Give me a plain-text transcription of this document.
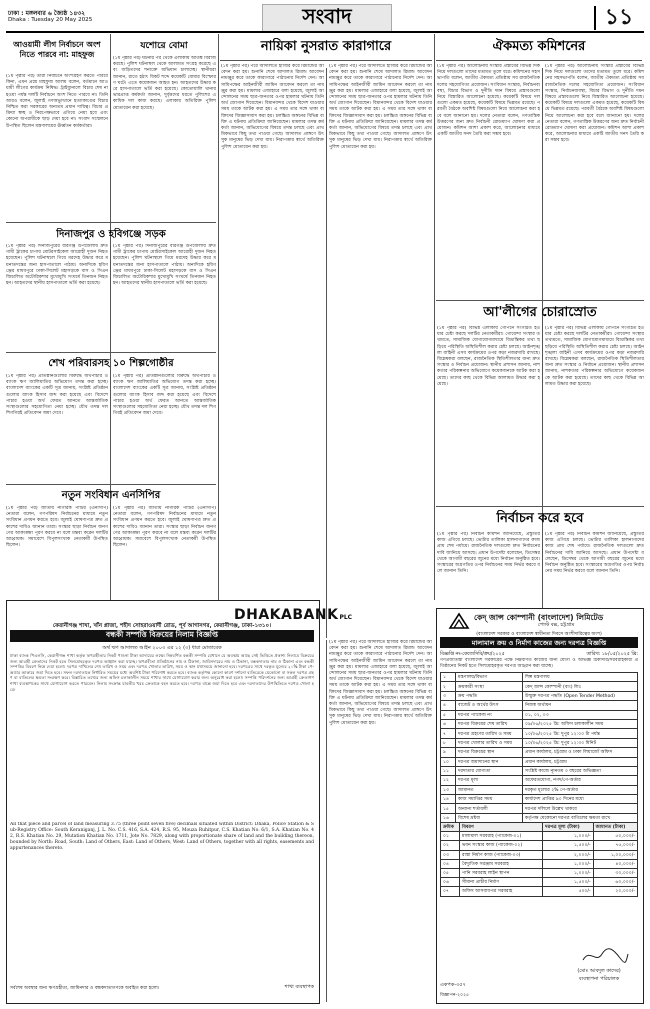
ঢাকা : মঙ্গলবার ৬ জ্যৈষ্ঠ ১৪৩২
Dhaka : Tuesday 20 May 2025	সংবাদ	১১
আওয়ামী লীগ নির্বাচনে অংশ নিতে পারবে না: মাহফুজ
(১ম পৃষ্ঠার পর) তারা নির্বাচনে অংশগ্রহণ করতে পারবে কিনা, এমন প্রশ্নে মাহফুজ আলম বলেন, বর্তমানে আওয়ামী লীগের কার্যক্রম নিষিদ্ধ। ট্রাইব্যুনালে বিচার শেষ না হওয়া পর্যন্ত দলটি নির্বাচনে অংশ নিতে পারবে না। তিনি আরও বলেন, জুলাই গণঅভ্যুত্থানে হত্যাকাণ্ডের বিচার নিশ্চিত করা সরকারের অন্যতম প্রধান দায়িত্ব। বিচার প্রক্রিয়া স্বচ্ছ ও নিরপেক্ষভাবে এগিয়ে নেয়া হবে এবং কোনো অপরাধীকে ছাড় দেয়া হবে না। সংবাদ সম্মেলনে উপস্থিত ছিলেন মন্ত্রণালয়ের ঊর্ধ্বতন কর্মকর্তারা।
যশোরে বোমা
(১ম পৃষ্ঠার পর) ঘটনার পর থেকে এলাকায় আতঙ্ক বিরাজ করছে। পুলিশ ঘটনাস্থল থেকে আলামত সংগ্রহ করেছে এবং জড়িতদের শনাক্তে অভিযান চালাচ্ছে। স্থানীয়রা জানান, রাতে হঠাৎ বিকট শব্দে কয়েকটি বোমার বিস্ফোরণ ঘটে। এতে কয়েকজন আহত হন। আহতদের উদ্ধার করে হাসপাতালে ভর্তি করা হয়েছে। কোতোয়ালি থানার ভারপ্রাপ্ত কর্মকর্তা জানান, দুর্বৃত্তদের ধরতে পুলিশের একাধিক দল কাজ করছে। এলাকায় অতিরিক্ত পুলিশ মোতায়েন করা হয়েছে।
দিনাজপুর ও হবিগঞ্জে সড়ক
(১ম পৃষ্ঠার পর) দিনাজপুরের বীরগঞ্জ উপজেলায় দ্রুতগামী ট্রাকের চাপায় মোটরসাইকেল আরোহী দুজন নিহত হয়েছেন। পুলিশ ঘটনাস্থলে গিয়ে মরদেহ উদ্ধার করে ময়নাতদন্তের জন্য হাসপাতালে পাঠায়। অন্যদিকে হবিগঞ্জের মাধবপুরে ঢাকা-সিলেট মহাসড়কে বাস ও সিএনজিচালিত অটোরিকশার মুখোমুখি সংঘর্ষে তিনজন নিহত হন। আহতদের স্থানীয় হাসপাতালে ভর্তি করা হয়েছে।
(১ম পৃষ্ঠার পর) দিনাজপুরের বীরগঞ্জ উপজেলায় দ্রুতগামী ট্রাকের চাপায় মোটরসাইকেল আরোহী দুজন নিহত হয়েছেন। পুলিশ ঘটনাস্থলে গিয়ে মরদেহ উদ্ধার করে ময়নাতদন্তের জন্য হাসপাতালে পাঠায়। অন্যদিকে হবিগঞ্জের মাধবপুরে ঢাকা-সিলেট মহাসড়কে বাস ও সিএনজিচালিত অটোরিকশার মুখোমুখি সংঘর্ষে তিনজন নিহত হন। আহতদের স্থানীয় হাসপাতালে ভর্তি করা হয়েছে।
শেখ পরিবারসহ ১০ শিল্পগোষ্ঠীর
(১ম পৃষ্ঠার পর) প্রতিষ্ঠানগুলোর বিরুদ্ধে অর্থপাচার ও ব্যাংক ঋণ জালিয়াতির অভিযোগ তদন্ত করা হচ্ছে। বাংলাদেশ ব্যাংকের একটি সূত্র জানায়, সংশ্লিষ্ট প্রতিষ্ঠানগুলোর ব্যাংক হিসাব জব্দ করা হয়েছে এবং বিদেশে পাচার হওয়া অর্থ ফেরত আনতে আন্তর্জাতিক সংস্থাগুলোর সহযোগিতা নেয়া হচ্ছে। যৌথ তদন্ত দল শিগগিরই প্রতিবেদন জমা দেবে।
(১ম পৃষ্ঠার পর) প্রতিষ্ঠানগুলোর বিরুদ্ধে অর্থপাচার ও ব্যাংক ঋণ জালিয়াতির অভিযোগ তদন্ত করা হচ্ছে। বাংলাদেশ ব্যাংকের একটি সূত্র জানায়, সংশ্লিষ্ট প্রতিষ্ঠানগুলোর ব্যাংক হিসাব জব্দ করা হয়েছে এবং বিদেশে পাচার হওয়া অর্থ ফেরত আনতে আন্তর্জাতিক সংস্থাগুলোর সহযোগিতা নেয়া হচ্ছে। যৌথ তদন্ত দল শিগগিরই প্রতিবেদন জমা দেবে।
নতুন সংবিধান এনসিপির
(১ম পৃষ্ঠার পর) জাতীয় নাগরিক পার্টির (এনসিপি) নেতারা বলেন, গণপরিষদ নির্বাচনের মাধ্যমে নতুন সংবিধান প্রণয়ন করতে হবে। জুলাই ঘোষণাপত্র দ্রুত প্রকাশের দাবিও জানান তারা। সংস্কার ছাড়া নির্বাচন জনগণের আকাঙ্ক্ষা পূরণ করবে না বলে মন্তব্য করেন দলটির আহ্বায়ক। সমাবেশে বিপুলসংখ্যক নেতাকর্মী উপস্থিত ছিলেন।
(১ম পৃষ্ঠার পর) জাতীয় নাগরিক পার্টির (এনসিপি) নেতারা বলেন, গণপরিষদ নির্বাচনের মাধ্যমে নতুন সংবিধান প্রণয়ন করতে হবে। জুলাই ঘোষণাপত্র দ্রুত প্রকাশের দাবিও জানান তারা। সংস্কার ছাড়া নির্বাচন জনগণের আকাঙ্ক্ষা পূরণ করবে না বলে মন্তব্য করেন দলটির আহ্বায়ক। সমাবেশে বিপুলসংখ্যক নেতাকর্মী উপস্থিত ছিলেন।
নায়িকা নুসরাত কারাগারে
(১ম পৃষ্ঠার পর) পরে আদালতে হাজির করে রিমান্ডের আবেদন করা হয়। শুনানি শেষে আদালত রিমান্ড আবেদন নামঞ্জুর করে তাকে কারাগারে পাঠানোর নির্দেশ দেন। আসামিপক্ষের আইনজীবী জামিন আবেদন করলে তা নামঞ্জুর করা হয়। মামলার এজাহারে বলা হয়েছে, জুলাই আন্দোলনের সময় ছাত্র-জনতার ওপর হামলার ঘটনায় তিনি অর্থ জোগান দিয়েছেন। বিমানবন্দর থেকে বিদেশ যাওয়ার সময় তাকে আটক করা হয়। এ সময় তার সঙ্গে থাকা ব্যক্তিদের জিজ্ঞাসাবাদ করা হয়। চলচ্চিত্র অঙ্গনের বিভিন্ন ব্যক্তি এ ঘটনায় প্রতিক্রিয়া জানিয়েছেন। মামলার তদন্ত কর্মকর্তা জানান, অভিযোগের বিষয়ে তদন্ত চলছে এবং প্রাথমিকভাবে কিছু তথ্য পাওয়া গেছে। আদালত প্রাঙ্গণে উৎসুক মানুষের ভিড় দেখা যায়। নিরাপত্তার স্বার্থে অতিরিক্ত পুলিশ মোতায়েন করা হয়।
(১ম পৃষ্ঠার পর) পরে আদালতে হাজির করে রিমান্ডের আবেদন করা হয়। শুনানি শেষে আদালত রিমান্ড আবেদন নামঞ্জুর করে তাকে কারাগারে পাঠানোর নির্দেশ দেন। আসামিপক্ষের আইনজীবী জামিন আবেদন করলে তা নামঞ্জুর করা হয়। মামলার এজাহারে বলা হয়েছে, জুলাই আন্দোলনের সময় ছাত্র-জনতার ওপর হামলার ঘটনায় তিনি অর্থ জোগান দিয়েছেন। বিমানবন্দর থেকে বিদেশ যাওয়ার সময় তাকে আটক করা হয়। এ সময় তার সঙ্গে থাকা ব্যক্তিদের জিজ্ঞাসাবাদ করা হয়। চলচ্চিত্র অঙ্গনের বিভিন্ন ব্যক্তি এ ঘটনায় প্রতিক্রিয়া জানিয়েছেন। মামলার তদন্ত কর্মকর্তা জানান, অভিযোগের বিষয়ে তদন্ত চলছে এবং প্রাথমিকভাবে কিছু তথ্য পাওয়া গেছে। আদালত প্রাঙ্গণে উৎসুক মানুষের ভিড় দেখা যায়। নিরাপত্তার স্বার্থে অতিরিক্ত পুলিশ মোতায়েন করা হয়।
ঐকমত্য কমিশনের
(১ম পৃষ্ঠার পর) আলোচনায় সংস্কার প্রস্তাবের বিভিন্ন দিক নিয়ে দলগুলো তাদের মতামত তুলে ধরে। কমিশনের সহসভাপতি বলেন, জাতীয় ঐকমত্য প্রতিষ্ঠায় সব রাজনৈতিক দলের সহযোগিতা প্রয়োজন। সংবিধান সংস্কার, নির্বাচনব্যবস্থা, বিচার বিভাগ ও দুর্নীতি দমন বিষয়ে প্রস্তাবগুলো নিয়ে বিস্তারিত আলোচনা হয়েছে। কয়েকটি বিষয়ে দলগুলো একমত হয়েছে, কয়েকটি বিষয়ে ভিন্নমত রয়েছে। পরবর্তী বৈঠকে অবশিষ্ট বিষয়গুলো নিয়ে আলোচনা করা হবে বলে জানানো হয়। দলের নেতারা বলেন, গণতান্ত্রিক উত্তরণের জন্য দ্রুত নির্বাচনী রোডম্যাপ ঘোষণা করা প্রয়োজন। কমিশন আশা প্রকাশ করে, আলোচনার মাধ্যমে একটি জাতীয় সনদ তৈরি করা সম্ভব হবে।
(১ম পৃষ্ঠার পর) আলোচনায় সংস্কার প্রস্তাবের বিভিন্ন দিক নিয়ে দলগুলো তাদের মতামত তুলে ধরে। কমিশনের সহসভাপতি বলেন, জাতীয় ঐকমত্য প্রতিষ্ঠায় সব রাজনৈতিক দলের সহযোগিতা প্রয়োজন। সংবিধান সংস্কার, নির্বাচনব্যবস্থা, বিচার বিভাগ ও দুর্নীতি দমন বিষয়ে প্রস্তাবগুলো নিয়ে বিস্তারিত আলোচনা হয়েছে। কয়েকটি বিষয়ে দলগুলো একমত হয়েছে, কয়েকটি বিষয়ে ভিন্নমত রয়েছে। পরবর্তী বৈঠকে অবশিষ্ট বিষয়গুলো নিয়ে আলোচনা করা হবে বলে জানানো হয়। দলের নেতারা বলেন, গণতান্ত্রিক উত্তরণের জন্য দ্রুত নির্বাচনী রোডম্যাপ ঘোষণা করা প্রয়োজন। কমিশন আশা প্রকাশ করে, আলোচনার মাধ্যমে একটি জাতীয় সনদ তৈরি করা সম্ভব হবে।
আ'লীগের চোরাস্রোত
(১ম পৃষ্ঠার পর) বিভিন্ন এলাকায় গোপনে সংগঠিত হওয়ার চেষ্টা করছে দলটির নেতাকর্মীরা। গোয়েন্দা সংস্থার তথ্যমতে, সামাজিক যোগাযোগমাধ্যমে বিভ্রান্তিকর তথ্য ছড়িয়ে পরিস্থিতি অস্থিতিশীল করার চেষ্টা চলছে। আইনশৃঙ্খলা বাহিনী এসব কার্যক্রমের ওপর কড়া নজরদারি রাখছে। বিশ্লেষকরা বলছেন, রাজনৈতিক স্থিতিশীলতার জন্য দ্রুত সংস্কার ও নির্বাচন প্রয়োজন। স্থানীয় প্রশাসন জানায়, নাশকতার পরিকল্পনার অভিযোগে কয়েকজনকে আটক করা হয়েছে। তাদের কাছ থেকে বিভিন্ন আলামত উদ্ধার করা হয়েছে।
(১ম পৃষ্ঠার পর) বিভিন্ন এলাকায় গোপনে সংগঠিত হওয়ার চেষ্টা করছে দলটির নেতাকর্মীরা। গোয়েন্দা সংস্থার তথ্যমতে, সামাজিক যোগাযোগমাধ্যমে বিভ্রান্তিকর তথ্য ছড়িয়ে পরিস্থিতি অস্থিতিশীল করার চেষ্টা চলছে। আইনশৃঙ্খলা বাহিনী এসব কার্যক্রমের ওপর কড়া নজরদারি রাখছে। বিশ্লেষকরা বলছেন, রাজনৈতিক স্থিতিশীলতার জন্য দ্রুত সংস্কার ও নির্বাচন প্রয়োজন। স্থানীয় প্রশাসন জানায়, নাশকতার পরিকল্পনার অভিযোগে কয়েকজনকে আটক করা হয়েছে। তাদের কাছ থেকে বিভিন্ন আলামত উদ্ধার করা হয়েছে।
নির্বাচন করে হবে
(১ম পৃষ্ঠার পর) নির্বাচন কমিশন জানিয়েছে, প্রস্তুতির কাজ এগিয়ে চলছে। ভোটার তালিকা হালনাগাদের কাজ প্রায় শেষ পর্যায়ে। রাজনৈতিক দলগুলো দ্রুত নির্বাচনের দাবি জানিয়ে আসছে। প্রধান উপদেষ্টা বলেছেন, ডিসেম্বর থেকে আগামী বছরের জুনের মধ্যে নির্বাচন অনুষ্ঠিত হবে। সংস্কারের অগ্রগতির ওপর নির্বাচনের সময় নির্ভর করবে বলে জানান তিনি।
(১ম পৃষ্ঠার পর) নির্বাচন কমিশন জানিয়েছে, প্রস্তুতির কাজ এগিয়ে চলছে। ভোটার তালিকা হালনাগাদের কাজ প্রায় শেষ পর্যায়ে। রাজনৈতিক দলগুলো দ্রুত নির্বাচনের দাবি জানিয়ে আসছে। প্রধান উপদেষ্টা বলেছেন, ডিসেম্বর থেকে আগামী বছরের জুনের মধ্যে নির্বাচন অনুষ্ঠিত হবে। সংস্কারের অগ্রগতির ওপর নির্বাচনের সময় নির্ভর করবে বলে জানান তিনি।
DHAKABANKPLC
কেরানীগঞ্জ শাখা, খাঁন প্লাজা, শহীদ সোহরাওয়ার্দী রোড, পূর্ব আগানগর, কেরানীগঞ্জ, ঢাকা-১৩১০।
বন্ধকী সম্পত্তি বিক্রয়ের নিলাম বিজ্ঞপ্তি
অর্থ ঋণ আদালত আইন ২০০৩ এর ১২ (৩) ধারা মোতাবেক
ঢাকা ব্যাংক পিএলসি, কেরানীগঞ্জ শাখা কর্তৃক ঋণগ্রহীতার নিকট পাওনা টাকা আদায়ের লক্ষ্যে নিম্নবর্ণিত বন্ধকী সম্পত্তি যেখানে যে অবস্থায় আছে সেই ভিত্তিতে প্রকাশ্য নিলামে বিক্রয়ের জন্য আগ্রহী ক্রেতাদের নিকট হতে সিলমোহরকৃত দরপত্র আহ্বান করা যাচ্ছে। ঋণগ্রহীতা প্রতিষ্ঠানের নাম ও ঠিকানা, জামিনদারের নাম ও ঠিকানা, বন্ধকদাতার নাম ও ঠিকানা এবং বন্ধকী সম্পত্তির বিবরণ নিম্নে দেয়া হলো। দরপত্র দাখিলের শেষ তারিখ ও সময় এবং দরপত্র খোলার তারিখ, সময় ও স্থান যথাসময়ে জানানো হবে। দরপত্রের সাথে দরকৃত মূল্যের ২০% টাকা পে-অর্ডার আকারে জমা দিতে হবে। সফল দরদাতাকে নির্ধারিত সময়ের মধ্যে অবশিষ্ট টাকা পরিশোধ করতে হবে। ব্যাংক কর্তৃপক্ষ কোনো কারণ দর্শানো ব্যতিরেকে যেকোনো বা সকল দরপত্র গ্রহণ বা বাতিলের ক্ষমতা সংরক্ষণ করে। বিস্তারিত তথ্যের জন্য অফিস চলাকালীন সময়ে শাখার সাথে যোগাযোগ করার জন্য অনুরোধ করা হলো। সম্পত্তি পরিদর্শনের জন্য আগ্রহী ক্রেতাগণ শাখা ব্যবস্থাপকের সাথে যোগাযোগ করতে পারবেন। নিলাম সংক্রান্ত যাবতীয় খরচ ক্রেতাকে বহন করতে হবে। দরপত্র বাক্সে জমা দিতে হবে এবং দরদাতাদের উপস্থিতিতে দরপত্র খোলা হবে।
All that piece and parcel of land measuring 3.75 (three point seven five) decimals situated within District: Dhaka, Police Station & Sub-Registry Office: South Keraniganj, J. L. No. C.S. 416, S.A. 424, R.S. 95, Mouza Ruhitpur, C.S. Khatian No. 6/1, S.A. Khatian No. 42, R.S. Khatian No. 29, Mutation Khatian No. 1711, Jote No. 7829, along with proportionate share of land and the building thereon, bounded by North: Road, South: Land of Others, East: Land of Others, West: Land of Others, together with all rights, easements and appurtenances thereto.
সর্বশেষ অবস্থার জন্য ঋণগ্রহীতা, জামিনদার ও বন্ধকদাতাগণকে অবহিত করা হলো।	শাখা ব্যবস্থাপক
কেদ্ জান্স কোম্পানী (বাংলাদেশ) লিমিটেড
পোস্ট বক্স, চট্টগ্রাম
(বাংলাদেশ সরকার ও বাংলাদেশ স্বাধীনতা দিবসে অংশীদারিত্বের অংশ)
মালামাল ক্রয় ও নির্মাণ কাজের জন্য দরপত্র বিজ্ঞপ্তি
বিজ্ঞপ্তি নং-কেজেসিবি/ক্রয়/২০২৫	তারিখ: ১৮/০৫/২০২৫ খ্রি:
গণপ্রজাতন্ত্রী বাংলাদেশ সরকারের পক্ষে নিম্নবর্ণিত কাজের জন্য যোগ্য ও অভিজ্ঞ ঠিকাদার/সরবরাহকারী প্রতিষ্ঠানের নিকট হতে সিলমোহরকৃত দরপত্র আহ্বান করা যাচ্ছে।
১	মন্ত্রণালয়/বিভাগ	শিল্প মন্ত্রণালয়
২	ক্রয়কারী সংস্থা	কেদ্ জান্স কোম্পানী (বাং) লিঃ
৩	ক্রয় পদ্ধতি	উন্মুক্ত দরপত্র পদ্ধতি (Open Tender Method)
৪	বাজেট ও অর্থের উৎস	নিজস্ব অর্থায়ন
৫	দরপত্র প্যাকেজ নং	০১, ০২, ০৩
৬	দরপত্র বিক্রয়ের শেষ তারিখ	০৯/০৬/২০২৫ খ্রি: অফিস চলাকালীন সময়
৭	দরপত্র গ্রহণের তারিখ ও সময়	১০/০৬/২০২৫ খ্রি: দুপুর ১২:০০ টা পর্যন্ত
৮	দরপত্র খোলার তারিখ ও সময়	১০/০৬/২০২৫ খ্রি: দুপুর ১২:৩০ মিনিট
৯	দরপত্র বিক্রয়ের স্থান	প্রধান কার্যালয়, চট্টগ্রাম ও ঢাকা লিয়াজোঁ অফিস
১০	দরপত্র জমাদানের স্থান	প্রধান কার্যালয়, চট্টগ্রাম
১১	দরদাতার যোগ্যতা	সংশ্লিষ্ট কাজে ন্যূনতম ৩ বছরের অভিজ্ঞতা
১২	দরপত্র মূল্য	অফেরতযোগ্য, নগদ/পে-অর্ডার
১৩	জামানত	দরকৃত মূল্যের ২% পে-অর্ডার
১৪	কাজ সমাপ্তির সময়	কার্যাদেশ প্রাপ্তির ৯০ দিনের মধ্যে
১৫	অন্যান্য শর্তাবলী	দরপত্র দলিলে উল্লেখ থাকবে
১৬	বিশেষ দ্রষ্টব্য	কর্তৃপক্ষ যেকোনো দরপত্র বাতিলের ক্ষমতা রাখে
ক্রমিক	বিবরণ	দরপত্র মূল্য (টাকা)	জামানত (টাকা)
০১	মালামাল সরবরাহ (প্যাকেজ-০১)	১,০০০/-	৫০,০০০/-
০২	ভবন সংস্কার কাজ (প্যাকেজ-০২)	১,৫০০/-	৭৫,০০০/-
০৩	রাস্তা নির্মাণ কাজ (প্যাকেজ-০৩)	২,০০০/-	১,০০,০০০/-
০৪	বৈদ্যুতিক সরঞ্জাম সরবরাহ	১,০০০/-	৪০,০০০/-
০৫	পানি সরবরাহ লাইন স্থাপন	১,০০০/-	৩০,০০০/-
০৬	সীমানা প্রাচীর নির্মাণ	১,৫০০/-	৬০,০০০/-
০৭	অফিস আসবাবপত্র সরবরাহ	৫০০/-	২০,০০০/-
একপক-৩৫৭
বিজ্ঞাপন-২০২৫
(মোঃ আবদুল কাদের)
ব্যবস্থাপনা পরিচালক
(১ম পৃষ্ঠার পর) পরে আদালতে হাজির করে রিমান্ডের আবেদন করা হয়। শুনানি শেষে আদালত রিমান্ড আবেদন নামঞ্জুর করে তাকে কারাগারে পাঠানোর নির্দেশ দেন। আসামিপক্ষের আইনজীবী জামিন আবেদন করলে তা নামঞ্জুর করা হয়। মামলার এজাহারে বলা হয়েছে, জুলাই আন্দোলনের সময় ছাত্র-জনতার ওপর হামলার ঘটনায় তিনি অর্থ জোগান দিয়েছেন। বিমানবন্দর থেকে বিদেশ যাওয়ার সময় তাকে আটক করা হয়। এ সময় তার সঙ্গে থাকা ব্যক্তিদের জিজ্ঞাসাবাদ করা হয়। চলচ্চিত্র অঙ্গনের বিভিন্ন ব্যক্তি এ ঘটনায় প্রতিক্রিয়া জানিয়েছেন। মামলার তদন্ত কর্মকর্তা জানান, অভিযোগের বিষয়ে তদন্ত চলছে এবং প্রাথমিকভাবে কিছু তথ্য পাওয়া গেছে। আদালত প্রাঙ্গণে উৎসুক মানুষের ভিড় দেখা যায়। নিরাপত্তার স্বার্থে অতিরিক্ত পুলিশ মোতায়েন করা হয়।
